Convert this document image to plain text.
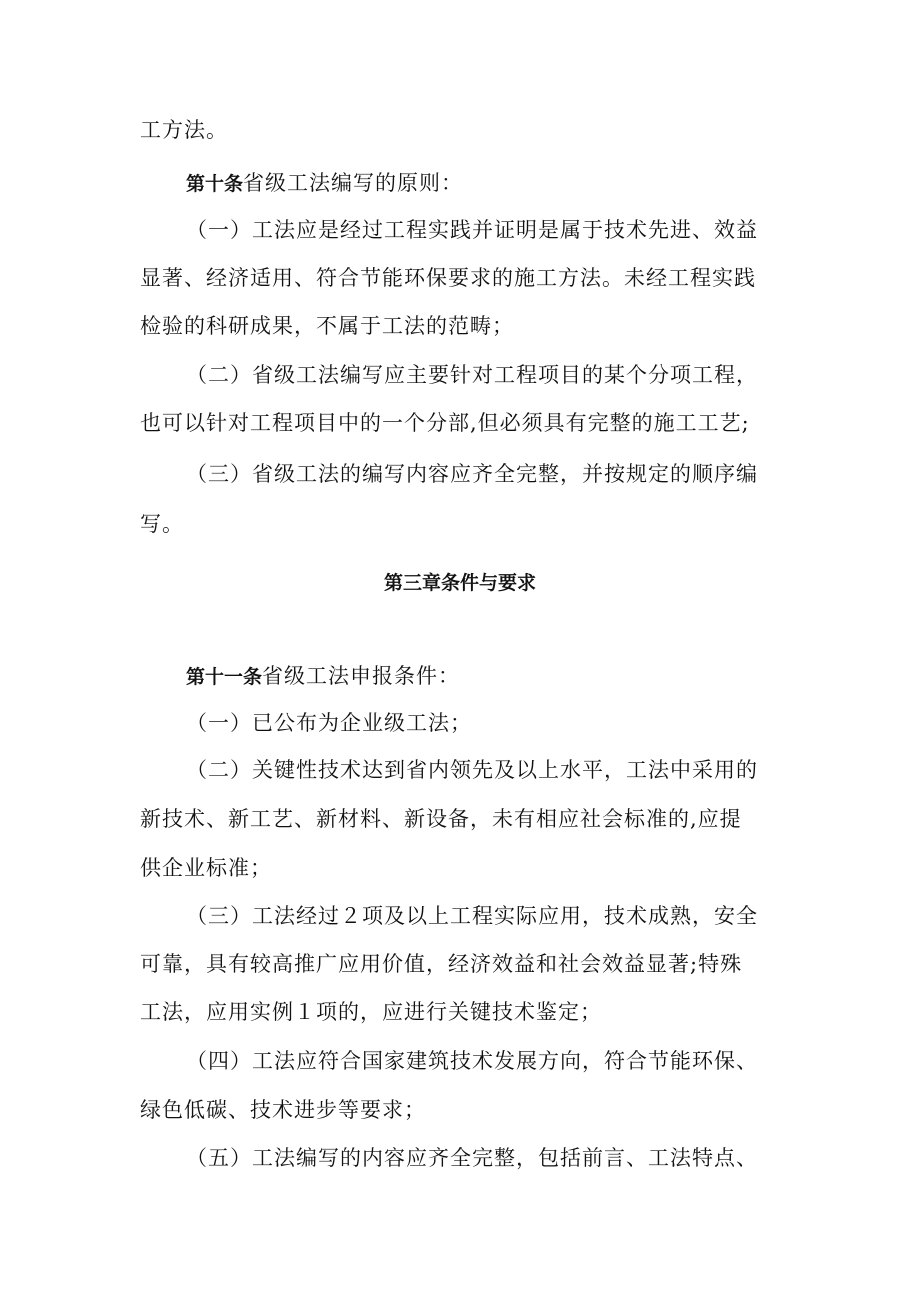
工方法。
第十条省级工法编写的原则：
（一）工法应是经过工程实践并证明是属于技术先进、效益
显著、经济适用、符合节能环保要求的施工方法。未经工程实践
检验的科研成果，不属于工法的范畴；
（二）省级工法编写应主要针对工程项目的某个分项工程，
也可以针对工程项目中的一个分部,但必须具有完整的施工工艺;
（三）省级工法的编写内容应齐全完整，并按规定的顺序编
写。
第三章条件与要求
第十一条省级工法申报条件：
（一）已公布为企业级工法；
（二）关键性技术达到省内领先及以上水平，工法中采用的
新技术、新工艺、新材料、新设备，未有相应社会标准的,应提
供企业标准；
（三）工法经过２项及以上工程实际应用，技术成熟，安全
可靠，具有较高推广应用价值，经济效益和社会效益显著;特殊
工法，应用实例１项的，应进行关键技术鉴定；
（四）工法应符合国家建筑技术发展方向，符合节能环保、
绿色低碳、技术进步等要求；
（五）工法编写的内容应齐全完整，包括前言、工法特点、
